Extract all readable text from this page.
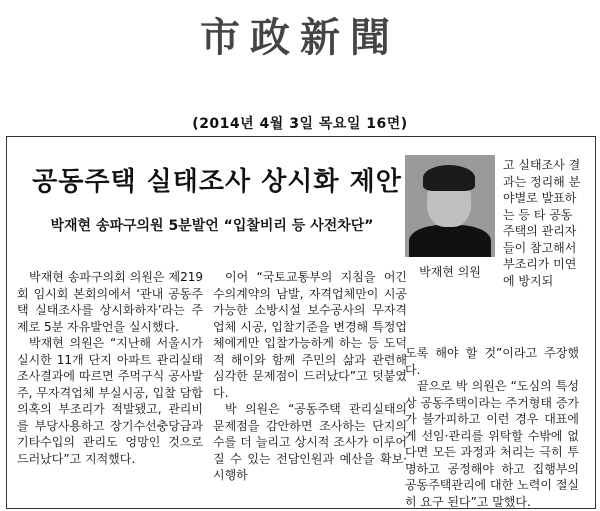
市政新聞
(2014년 4월 3일 목요일 16면)
공동주택 실태조사 상시화 제안
박재현 송파구의원 5분발언 “입찰비리 등 사전차단”

박재현 송파구의회 의원은 제219회 임시회 본회의에서 ‘관내 공동주택 실태조사를 상시화하자’라는 주제로 5분 자유발언을 실시했다.

박재현 의원은 “지난해 서울시가 실시한 11개 단지 아파트 관리실태 조사결과에 따르면 주먹구식 공사발주, 무자격업체 부실시공, 입찰 담합 의혹의 부조리가 적발됐고, 관리비를 부당사용하고 장기수선충당금과 기타수입의 관리도 엉망인 것으로 드러났다”고 지적했다.

이어 “국토교통부의 지침을 어긴 수의계약의 남발, 자격업체만이 시공가능한 소방시설 보수공사의 무자격업체 시공, 입찰기준을 변경해 특정업체에게만 입찰가능하게 하는 등 도덕적 해이와 함께 주민의 삶과 관련해 심각한 문제점이 드러났다”고 덧붙였다.

박 의원은 “공동주택 관리실태의 문제점을 감안하면 조사하는 단지의 수를 더 늘리고 상시적 조사가 이루어질 수 있는 전담인원과 예산을 확보·시행하

박재현 의원
고 실태조사 결과는 정리해 분야별로 발표하는 등 타 공동주택의 관리자들이 참고해서 부조리가 미연에 방지되

도록 해야 할 것”이라고 주장했다.

끝으로 박 의원은 “도심의 특성상 공동주택이라는 주거형태 증가가 불가피하고 이런 경우 대표에게 선임·관리를 위탁할 수밖에 없다면 모든 과정과 처리는 극히 투명하고 공정해야 하고 집행부의 공동주택관리에 대한 노력이 절실히 요구 된다”고 말했다.
